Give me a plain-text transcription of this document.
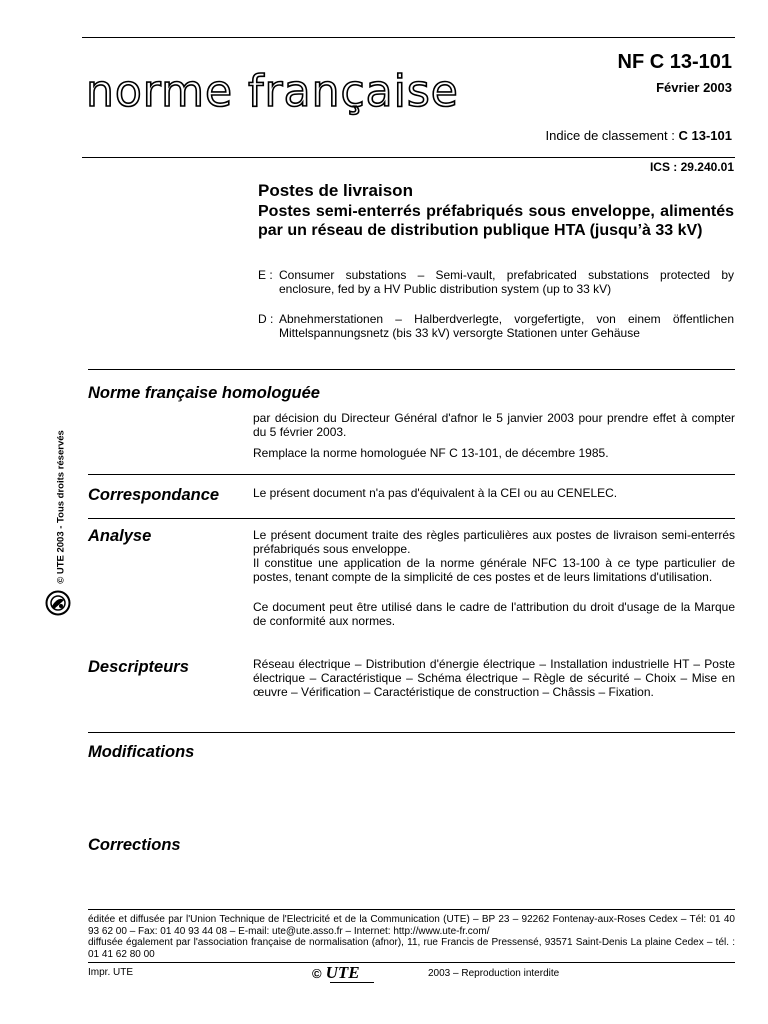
norme française
NF C 13-101
Février 2003
Indice de classement : C 13-101
ICS : 29.240.01
Postes de livraison
Postes semi-enterrés préfabriqués sous enveloppe, alimentés par un réseau de distribution publique HTA (jusqu’à 33 kV)
E : Consumer substations – Semi-vault, prefabricated substations protected by enclosure, fed by a HV Public distribution system (up to 33 kV)
D : Abnehmerstationen – Halberdverlegte, vorgefertigte, von einem öffentlichen Mittelspannungsnetz (bis 33 kV) versorgte Stationen unter Gehäuse
Norme française homologuée

par décision du Directeur Général d'afnor le 5 janvier 2003 pour prendre effet à compter du 5 février 2003.

Remplace la norme homologuée NF C 13-101, de décembre 1985.

Correspondance	Le présent document n'a pas d'équivalent à la CEI ou au CENELEC.
Analyse	Le présent document traite des règles particulières aux postes de livraison semi-enterrés préfabriqués sous enveloppe.

Il constitue une application de la norme générale NFC 13-100 à ce type particulier de postes, tenant compte de la simplicité de ces postes et de leurs limitations d'utilisation.

Ce document peut être utilisé dans le cadre de l'attribution du droit d'usage de la Marque de conformité aux normes.

Descripteurs	Réseau électrique – Distribution d'énergie électrique – Installation industrielle HT – Poste électrique – Caractéristique – Schéma électrique – Règle de sécurité – Choix – Mise en œuvre – Vérification – Caractéristique de construction – Châssis – Fixation.
Modifications
Corrections
© UTE 2003 - Tous droits réservés
éditée et diffusée par l'Union Technique de l'Electricité et de la Communication (UTE) – BP 23 – 92262 Fontenay-aux-Roses Cedex – Tél: 01 40 93 62 00 – Fax: 01 40 93 44 08 – E-mail: ute@ute.asso.fr – Internet: http://www.ute-fr.com/
diffusée également par l'association française de normalisation (afnor), 11, rue Francis de Pressensé, 93571 Saint-Denis La plaine Cedex – tél. : 01 41 62 80 00
Impr. UTE	© UTE	2003 – Reproduction interdite
